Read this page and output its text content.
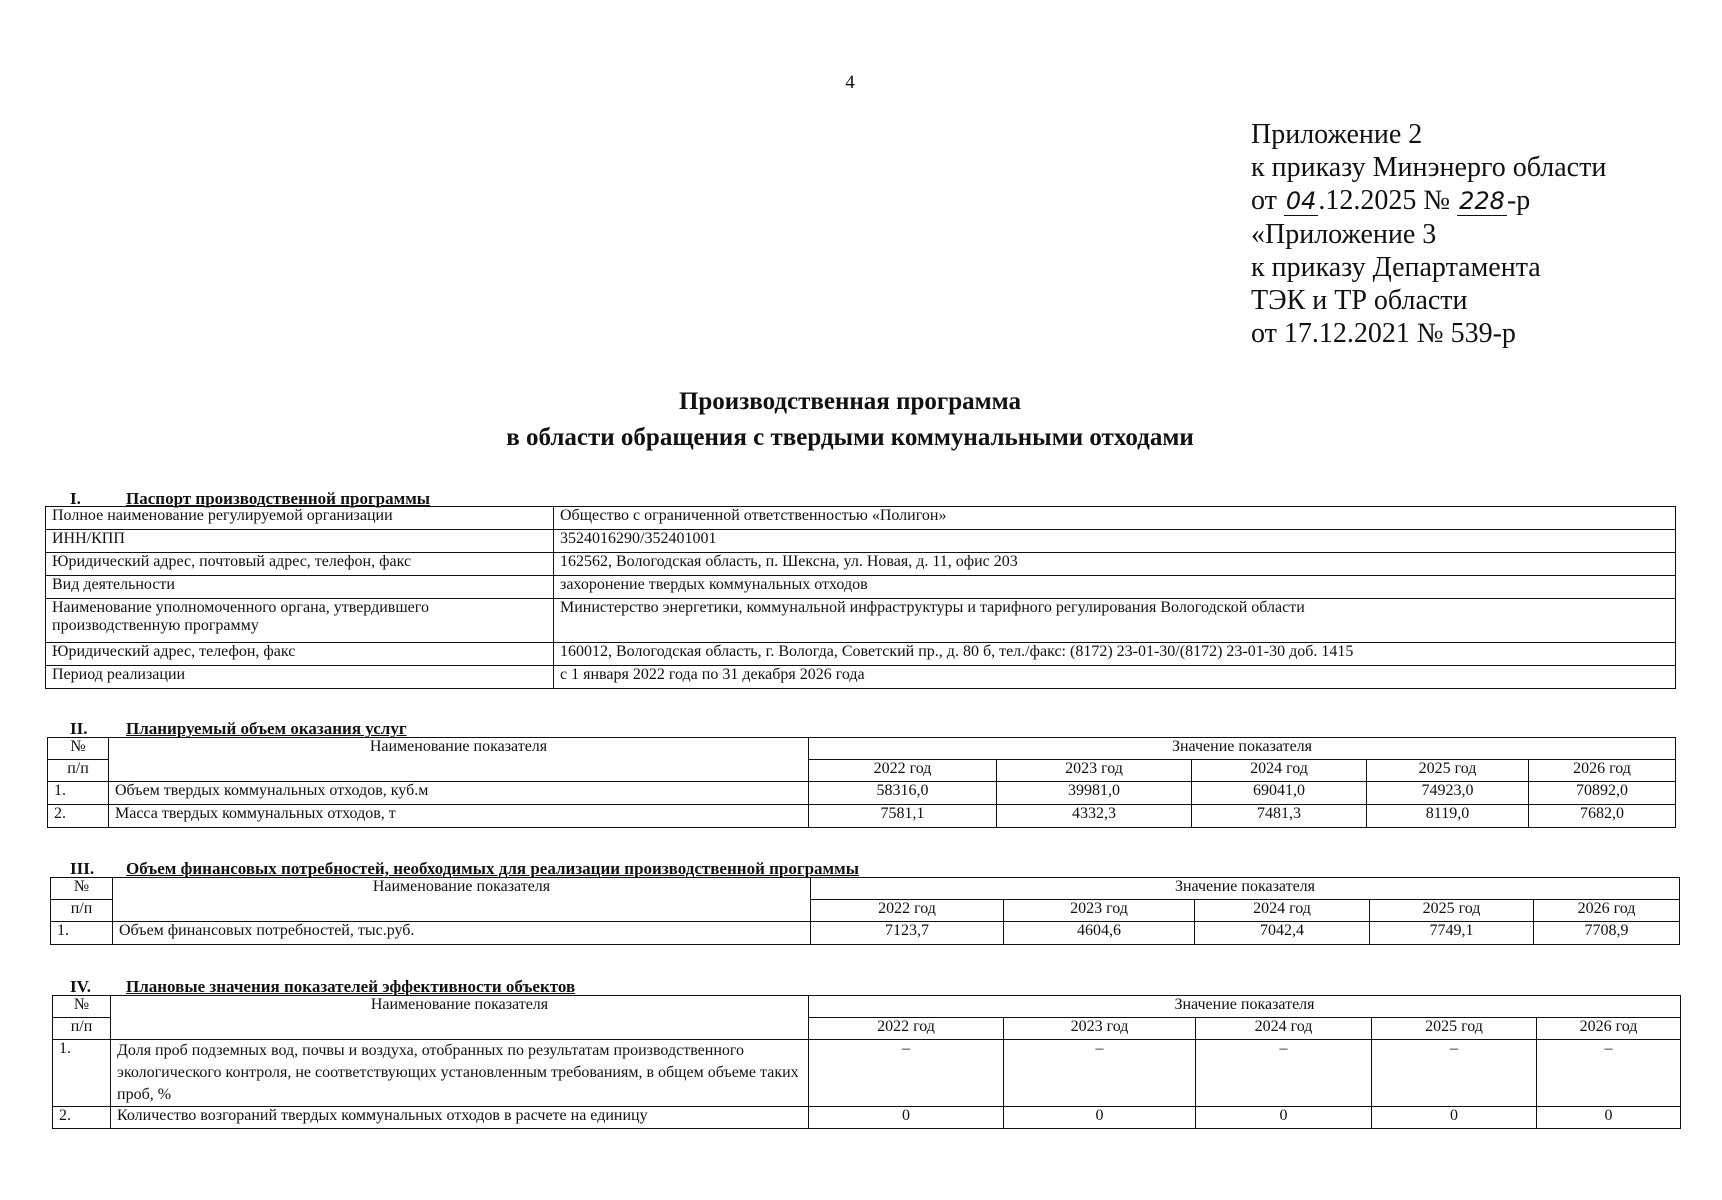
4
Приложение 2
к приказу Минэнерго области
от 04.12.2025 № 228-р
«Приложение 3
к приказу Департамента
ТЭК и ТР области
от 17.12.2021 № 539-р
Производственная программа
в области обращения с твердыми коммунальными отходами
I.	Паспорт производственной программы
Полное наименование регулируемой организации	Общество с ограниченной ответственностью «Полигон»
ИНН/КПП	3524016290/352401001
Юридический адрес, почтовый адрес, телефон, факс	162562, Вологодская область, п. Шексна, ул. Новая, д. 11, офис 203
Вид деятельности	захоронение твердых коммунальных отходов
Наименование уполномоченного органа, утвердившего производственную программу	Министерство энергетики, коммунальной инфраструктуры и тарифного регулирования Вологодской области
Юридический адрес, телефон, факс	160012, Вологодская область, г. Вологда, Советский пр., д. 80 б, тел./факс: (8172) 23-01-30/(8172) 23-01-30 доб. 1415
Период реализации	с 1 января 2022 года по 31 декабря 2026 года
II. Планируемый объем оказания услуг
№	Наименование показателя	Значение показателя				
п/п		2022 год	2023 год	2024 год	2025 год	2026 год
1.	Объем твердых коммунальных отходов, куб.м	58316,0	39981,0	69041,0	74923,0	70892,0
2.	Масса твердых коммунальных отходов, т	7581,1	4332,3	7481,3	8119,0	7682,0
III. Объем финансовых потребностей, необходимых для реализации производственной программы
№	Наименование показателя	Значение показателя				
п/п		2022 год	2023 год	2024 год	2025 год	2026 год
1.	Объем финансовых потребностей, тыс.руб.	7123,7	4604,6	7042,4	7749,1	7708,9
IV. Плановые значения показателей эффективности объектов
№	Наименование показателя	Значение показателя				
п/п		2022 год	2023 год	2024 год	2025 год	2026 год
1.	Доля проб подземных вод, почвы и воздуха, отобранных по результатам производственного экологического контроля, не соответствующих установленным требованиям, в общем объеме таких проб, %	–	–	–	–	–
2.	Количество возгораний твердых коммунальных отходов в расчете на единицу	0	0	0	0	0
